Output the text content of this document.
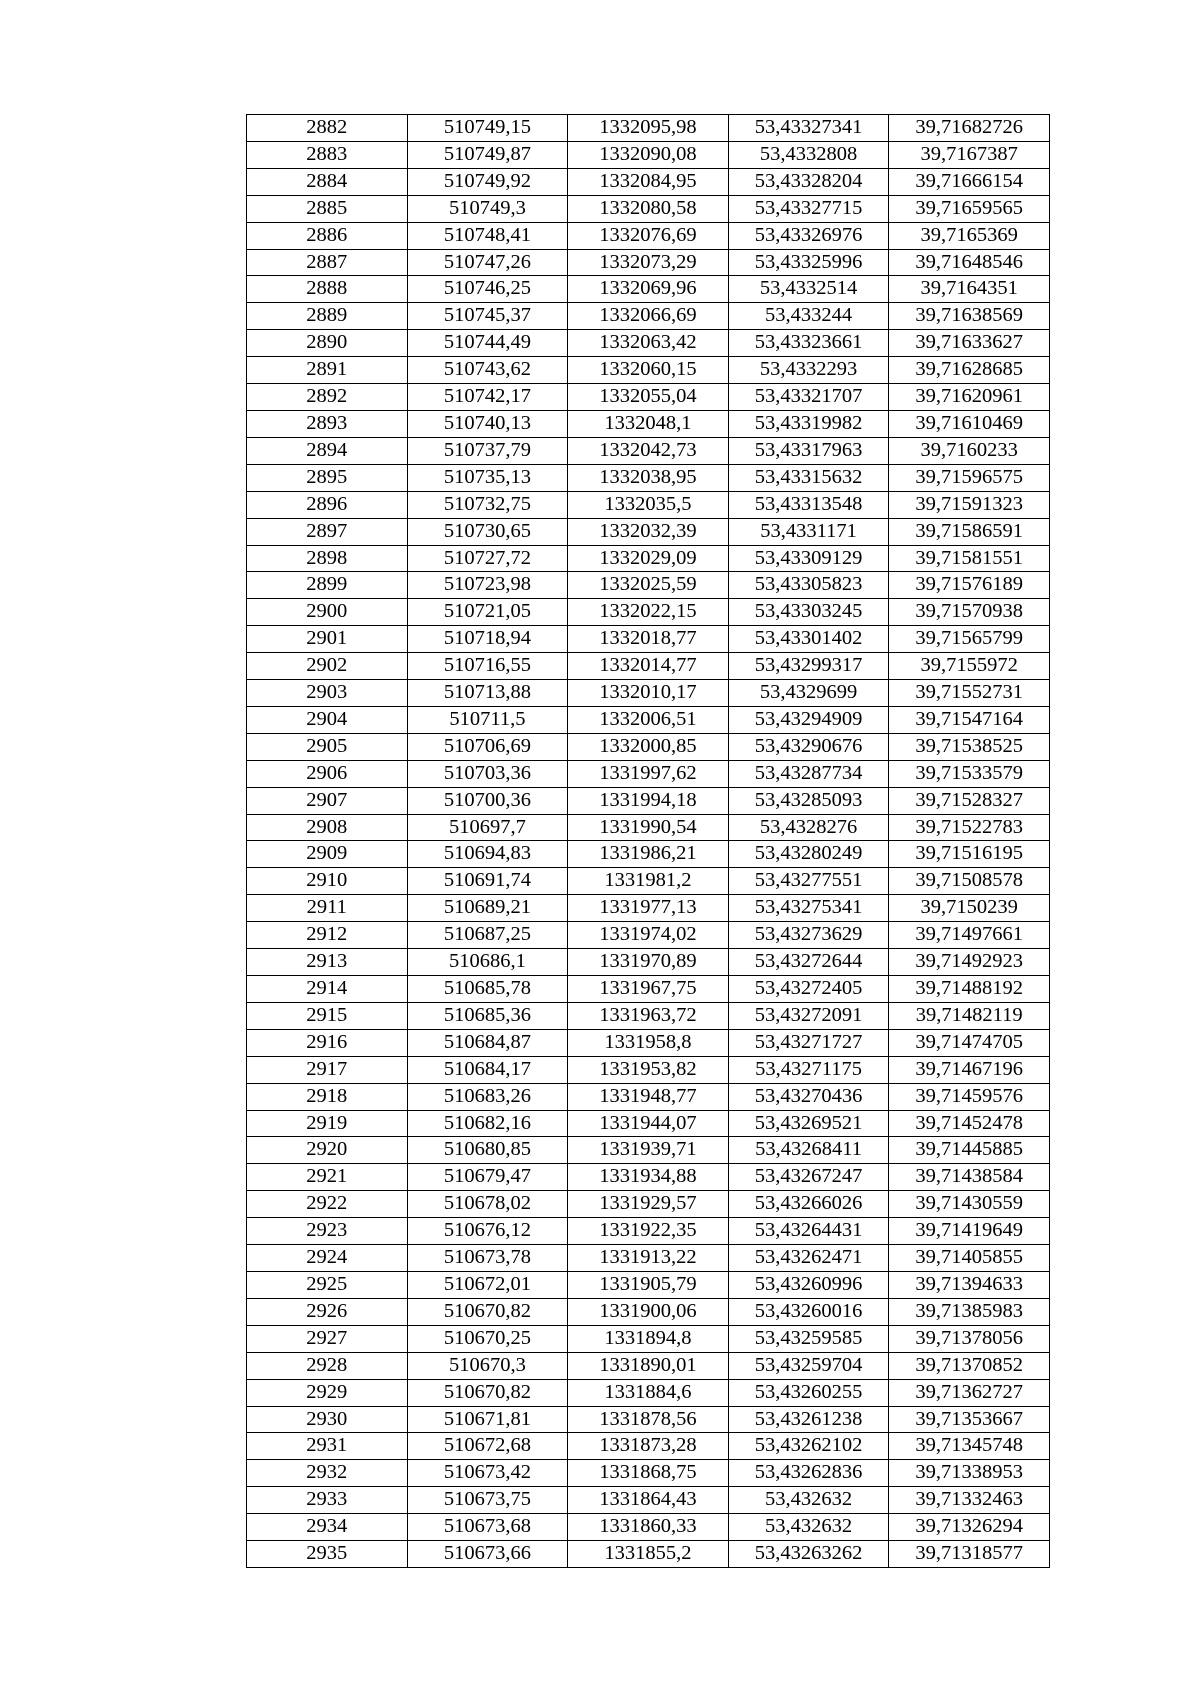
2882	510749,15	1332095,98	53,43327341	39,71682726
2883	510749,87	1332090,08	53,4332808	39,7167387
2884	510749,92	1332084,95	53,43328204	39,71666154
2885	510749,3	1332080,58	53,43327715	39,71659565
2886	510748,41	1332076,69	53,43326976	39,7165369
2887	510747,26	1332073,29	53,43325996	39,71648546
2888	510746,25	1332069,96	53,4332514	39,7164351
2889	510745,37	1332066,69	53,433244	39,71638569
2890	510744,49	1332063,42	53,43323661	39,71633627
2891	510743,62	1332060,15	53,4332293	39,71628685
2892	510742,17	1332055,04	53,43321707	39,71620961
2893	510740,13	1332048,1	53,43319982	39,71610469
2894	510737,79	1332042,73	53,43317963	39,7160233
2895	510735,13	1332038,95	53,43315632	39,71596575
2896	510732,75	1332035,5	53,43313548	39,71591323
2897	510730,65	1332032,39	53,4331171	39,71586591
2898	510727,72	1332029,09	53,43309129	39,71581551
2899	510723,98	1332025,59	53,43305823	39,71576189
2900	510721,05	1332022,15	53,43303245	39,71570938
2901	510718,94	1332018,77	53,43301402	39,71565799
2902	510716,55	1332014,77	53,43299317	39,7155972
2903	510713,88	1332010,17	53,4329699	39,71552731
2904	510711,5	1332006,51	53,43294909	39,71547164
2905	510706,69	1332000,85	53,43290676	39,71538525
2906	510703,36	1331997,62	53,43287734	39,71533579
2907	510700,36	1331994,18	53,43285093	39,71528327
2908	510697,7	1331990,54	53,4328276	39,71522783
2909	510694,83	1331986,21	53,43280249	39,71516195
2910	510691,74	1331981,2	53,43277551	39,71508578
2911	510689,21	1331977,13	53,43275341	39,7150239
2912	510687,25	1331974,02	53,43273629	39,71497661
2913	510686,1	1331970,89	53,43272644	39,71492923
2914	510685,78	1331967,75	53,43272405	39,71488192
2915	510685,36	1331963,72	53,43272091	39,71482119
2916	510684,87	1331958,8	53,43271727	39,71474705
2917	510684,17	1331953,82	53,43271175	39,71467196
2918	510683,26	1331948,77	53,43270436	39,71459576
2919	510682,16	1331944,07	53,43269521	39,71452478
2920	510680,85	1331939,71	53,43268411	39,71445885
2921	510679,47	1331934,88	53,43267247	39,71438584
2922	510678,02	1331929,57	53,43266026	39,71430559
2923	510676,12	1331922,35	53,43264431	39,71419649
2924	510673,78	1331913,22	53,43262471	39,71405855
2925	510672,01	1331905,79	53,43260996	39,71394633
2926	510670,82	1331900,06	53,43260016	39,71385983
2927	510670,25	1331894,8	53,43259585	39,71378056
2928	510670,3	1331890,01	53,43259704	39,71370852
2929	510670,82	1331884,6	53,43260255	39,71362727
2930	510671,81	1331878,56	53,43261238	39,71353667
2931	510672,68	1331873,28	53,43262102	39,71345748
2932	510673,42	1331868,75	53,43262836	39,71338953
2933	510673,75	1331864,43	53,432632	39,71332463
2934	510673,68	1331860,33	53,432632	39,71326294
2935	510673,66	1331855,2	53,43263262	39,71318577
